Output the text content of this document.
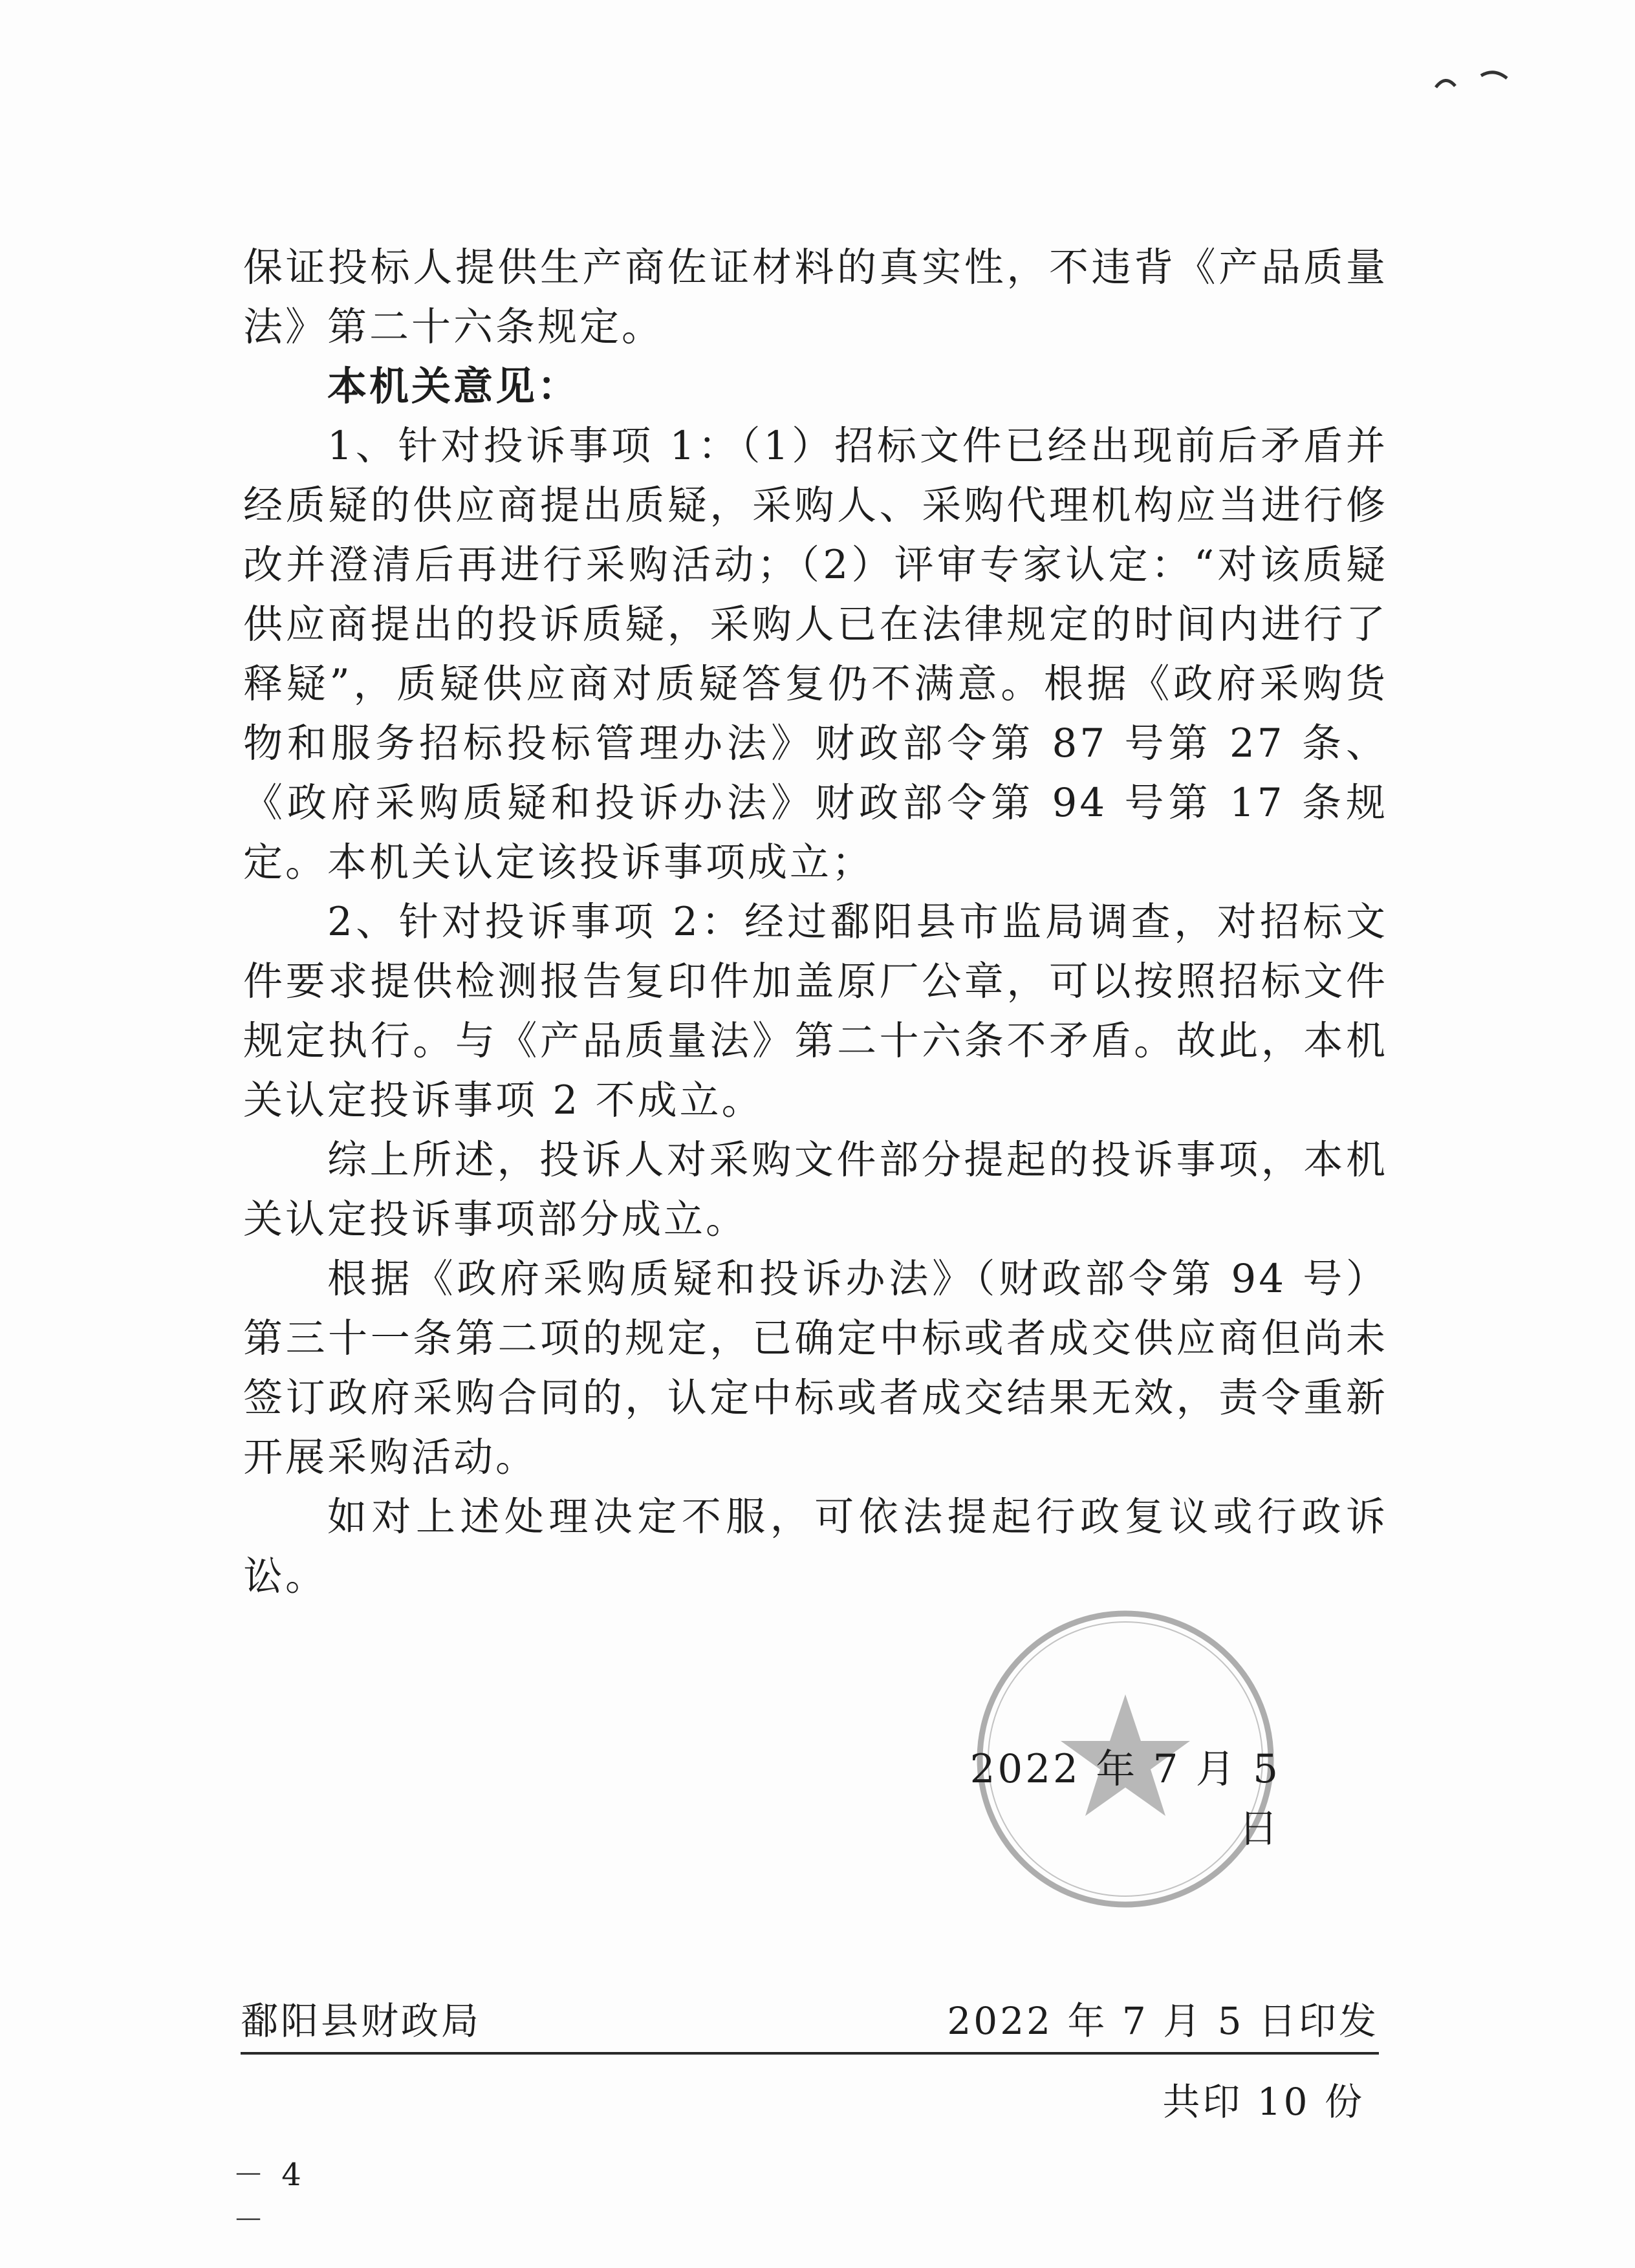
保证投标人提供生产商佐证材料的真实性，不违背《产品质量法》第二十六条规定。

本机关意见：

1、针对投诉事项 1：（1）招标文件已经出现前后矛盾并经质疑的供应商提出质疑，采购人、采购代理机构应当进行修改并澄清后再进行采购活动；（2）评审专家认定：“对该质疑供应商提出的投诉质疑，采购人已在法律规定的时间内进行了释疑”，质疑供应商对质疑答复仍不满意。根据《政府采购货物和服务招标投标管理办法》财政部令第 87 号第 27 条、《政府采购质疑和投诉办法》财政部令第 94 号第 17 条规定。本机关认定该投诉事项成立；

2、针对投诉事项 2：经过鄱阳县市监局调查，对招标文件要求提供检测报告复印件加盖原厂公章，可以按照招标文件规定执行。与《产品质量法》第二十六条不矛盾。故此，本机关认定投诉事项 2 不成立。

综上所述，投诉人对采购文件部分提起的投诉事项，本机关认定投诉事项部分成立。

根据《政府采购质疑和投诉办法》（财政部令第 94 号）第三十一条第二项的规定，已确定中标或者成交供应商但尚未签订政府采购合同的，认定中标或者成交结果无效，责令重新开展采购活动。

如对上述处理决定不服，可依法提起行政复议或行政诉讼。

2022 年 7 月 5 日
鄱阳县财政局	2022 年 7 月 5 日印发
共印 10 份
－ 4 －
